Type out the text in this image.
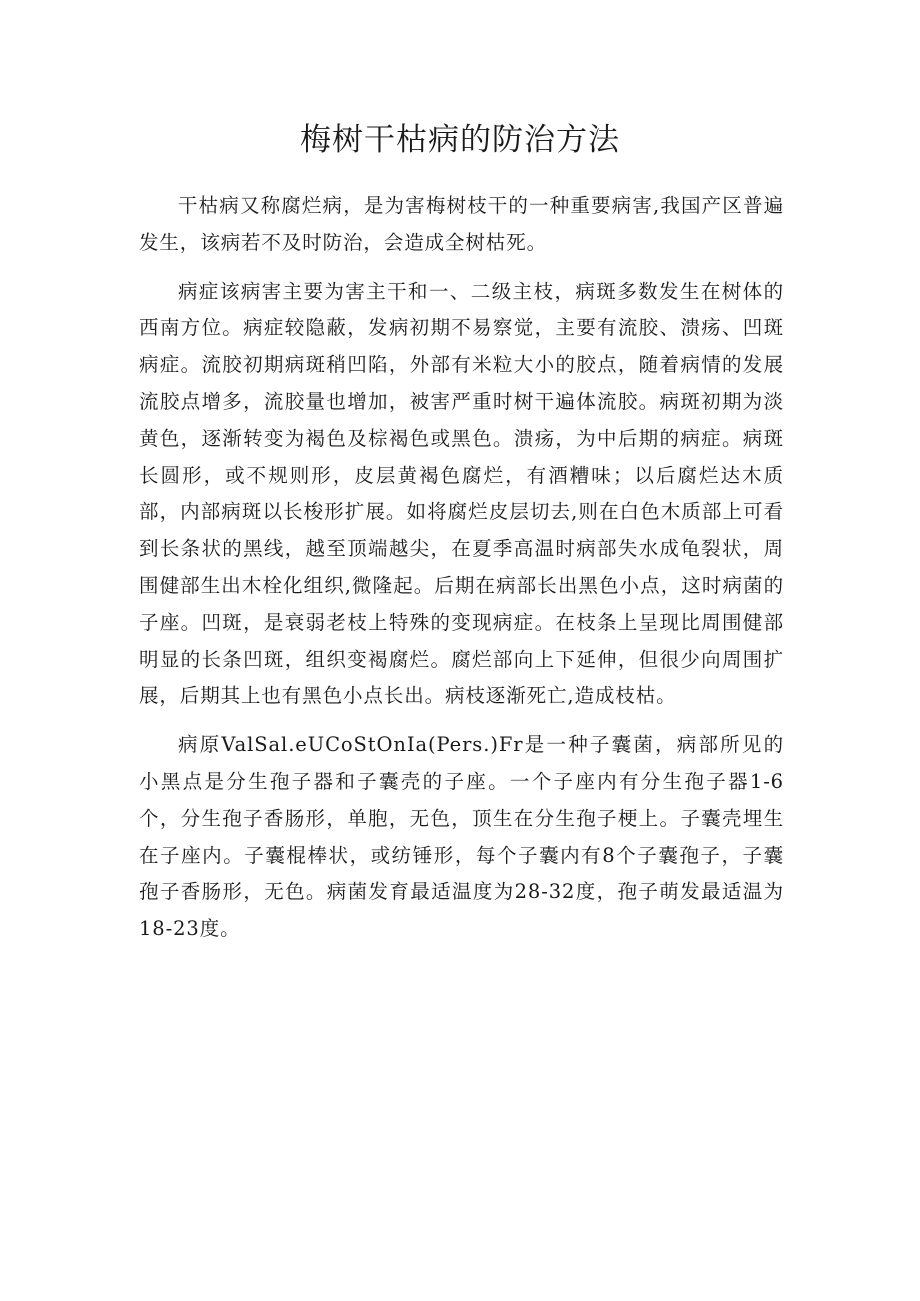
梅树干枯病的防治方法

干枯病又称腐烂病，是为害梅树枝干的一种重要病害,我国产区普遍发生，该病若不及时防治，会造成全树枯死。

病症该病害主要为害主干和一、二级主枝，病斑多数发生在树体的西南方位。病症较隐蔽，发病初期不易察觉，主要有流胶、溃疡、凹斑病症。流胶初期病斑稍凹陷，外部有米粒大小的胶点，随着病情的发展流胶点增多，流胶量也增加，被害严重时树干遍体流胶。病斑初期为淡黄色，逐渐转变为褐色及棕褐色或黑色。溃疡，为中后期的病症。病斑长圆形，或不规则形，皮层黄褐色腐烂，有酒糟味；以后腐烂达木质部，内部病斑以长梭形扩展。如将腐烂皮层切去,则在白色木质部上可看到长条状的黑线，越至顶端越尖，在夏季高温时病部失水成龟裂状，周围健部生出木栓化组织,微隆起。后期在病部长出黑色小点，这时病菌的子座。凹斑，是衰弱老枝上特殊的变现病症。在枝条上呈现比周围健部明显的长条凹斑，组织变褐腐烂。腐烂部向上下延伸，但很少向周围扩展，后期其上也有黑色小点长出。病枝逐渐死亡,造成枝枯。

病原ValSal.eUCoStOnIa(Pers.)Fr是一种子囊菌，病部所见的小黑点是分生孢子器和子囊壳的子座。一个子座内有分生孢子器1-6个，分生孢子香肠形，单胞，无色，顶生在分生孢子梗上。子囊壳埋生在子座内。子囊棍棒状，或纺锤形，每个子囊内有8个子囊孢子，子囊孢子香肠形，无色。病菌发育最适温度为28-32度，孢子萌发最适温为18-23度。
